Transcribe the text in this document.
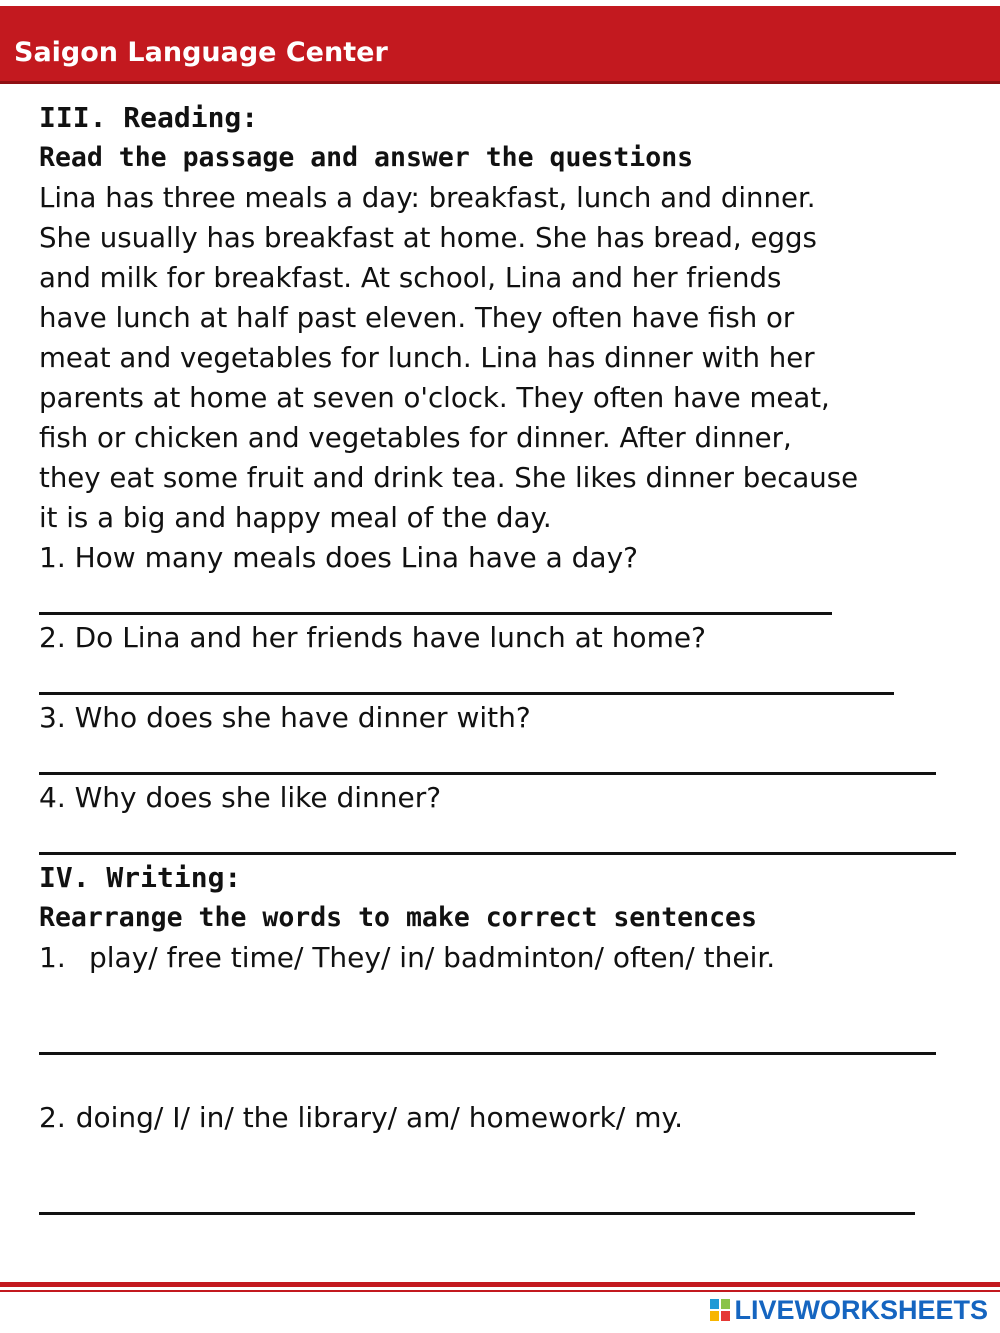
Saigon Language Center
III. Reading:
Read the passage and answer the questions
Lina has three meals a day: breakfast, lunch and dinner.
She usually has breakfast at home. She has bread, eggs
and milk for breakfast. At school, Lina and her friends
have lunch at half past eleven. They often have fish or
meat and vegetables for lunch. Lina has dinner with her
parents at home at seven o'clock. They often have meat,
fish or chicken and vegetables for dinner. After dinner,
they eat some fruit and drink tea. She likes dinner because
it is a big and happy meal of the day.
1. How many meals does Lina have a day?
2. Do Lina and her friends have lunch at home?
3. Who does she have dinner with?
4. Why does she like dinner?
IV. Writing:
Rearrange the words to make correct sentences
1. play/ free time/ They/ in/ badminton/ often/ their.
2. doing/ I/ in/ the library/ am/ homework/ my.
LIVEWORKSHEETS
